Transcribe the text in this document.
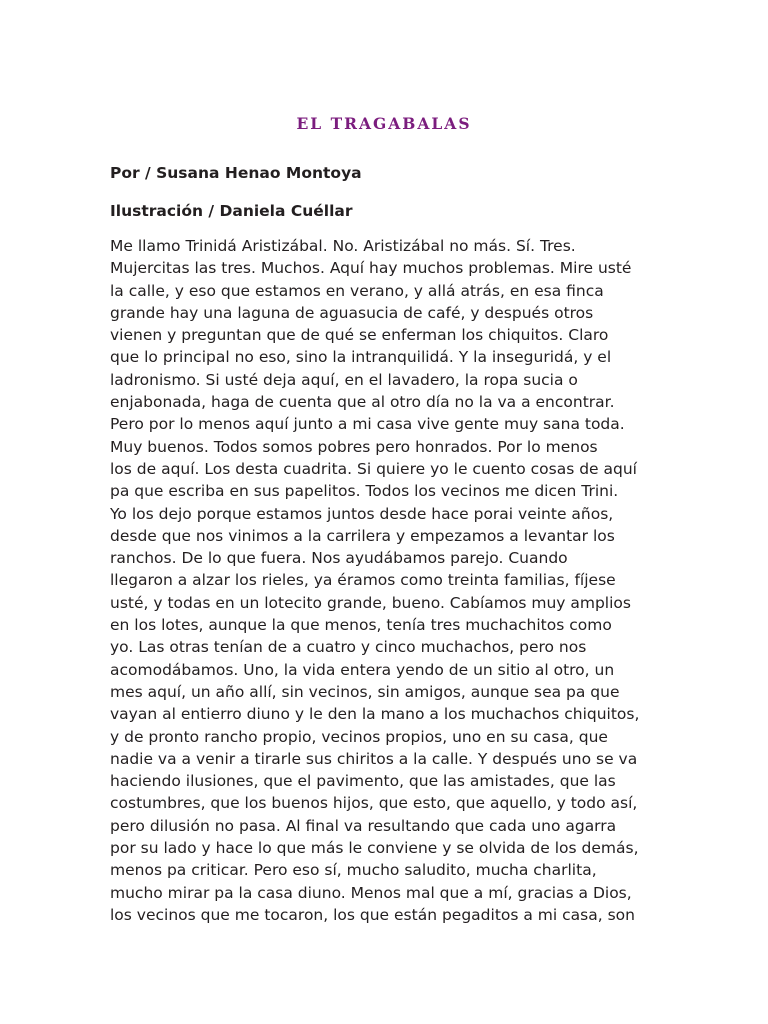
EL TRAGABALAS

Por / Susana Henao Montoya

Ilustración / Daniela Cuéllar

Me llamo Trinidá Aristizábal. No. Aristizábal no más. Sí. Tres.
Mujercitas las tres. Muchos. Aquí hay muchos problemas. Mire usté
la calle, y eso que estamos en verano, y allá atrás, en esa finca
grande hay una laguna de aguasucia de café, y después otros
vienen y preguntan que de qué se enferman los chiquitos. Claro
que lo principal no eso, sino la intranquilidá. Y la inseguridá, y el
ladronismo. Si usté deja aquí, en el lavadero, la ropa sucia o
enjabonada, haga de cuenta que al otro día no la va a encontrar.
Pero por lo menos aquí junto a mi casa vive gente muy sana toda.
Muy buenos. Todos somos pobres pero honrados. Por lo menos
los de aquí. Los desta cuadrita. Si quiere yo le cuento cosas de aquí
pa que escriba en sus papelitos. Todos los vecinos me dicen Trini.
Yo los dejo porque estamos juntos desde hace porai veinte años,
desde que nos vinimos a la carrilera y empezamos a levantar los
ranchos. De lo que fuera. Nos ayudábamos parejo. Cuando
llegaron a alzar los rieles, ya éramos como treinta familias, fíjese
usté, y todas en un lotecito grande, bueno. Cabíamos muy amplios
en los lotes, aunque la que menos, tenía tres muchachitos como
yo. Las otras tenían de a cuatro y cinco muchachos, pero nos
acomodábamos. Uno, la vida entera yendo de un sitio al otro, un
mes aquí, un año allí, sin vecinos, sin amigos, aunque sea pa que
vayan al entierro diuno y le den la mano a los muchachos chiquitos,
y de pronto rancho propio, vecinos propios, uno en su casa, que
nadie va a venir a tirarle sus chiritos a la calle. Y después uno se va
haciendo ilusiones, que el pavimento, que las amistades, que las
costumbres, que los buenos hijos, que esto, que aquello, y todo así,
pero dilusión no pasa. Al final va resultando que cada uno agarra
por su lado y hace lo que más le conviene y se olvida de los demás,
menos pa criticar. Pero eso sí, mucho saludito, mucha charlita,
mucho mirar pa la casa diuno. Menos mal que a mí, gracias a Dios,
los vecinos que me tocaron, los que están pegaditos a mi casa, son
